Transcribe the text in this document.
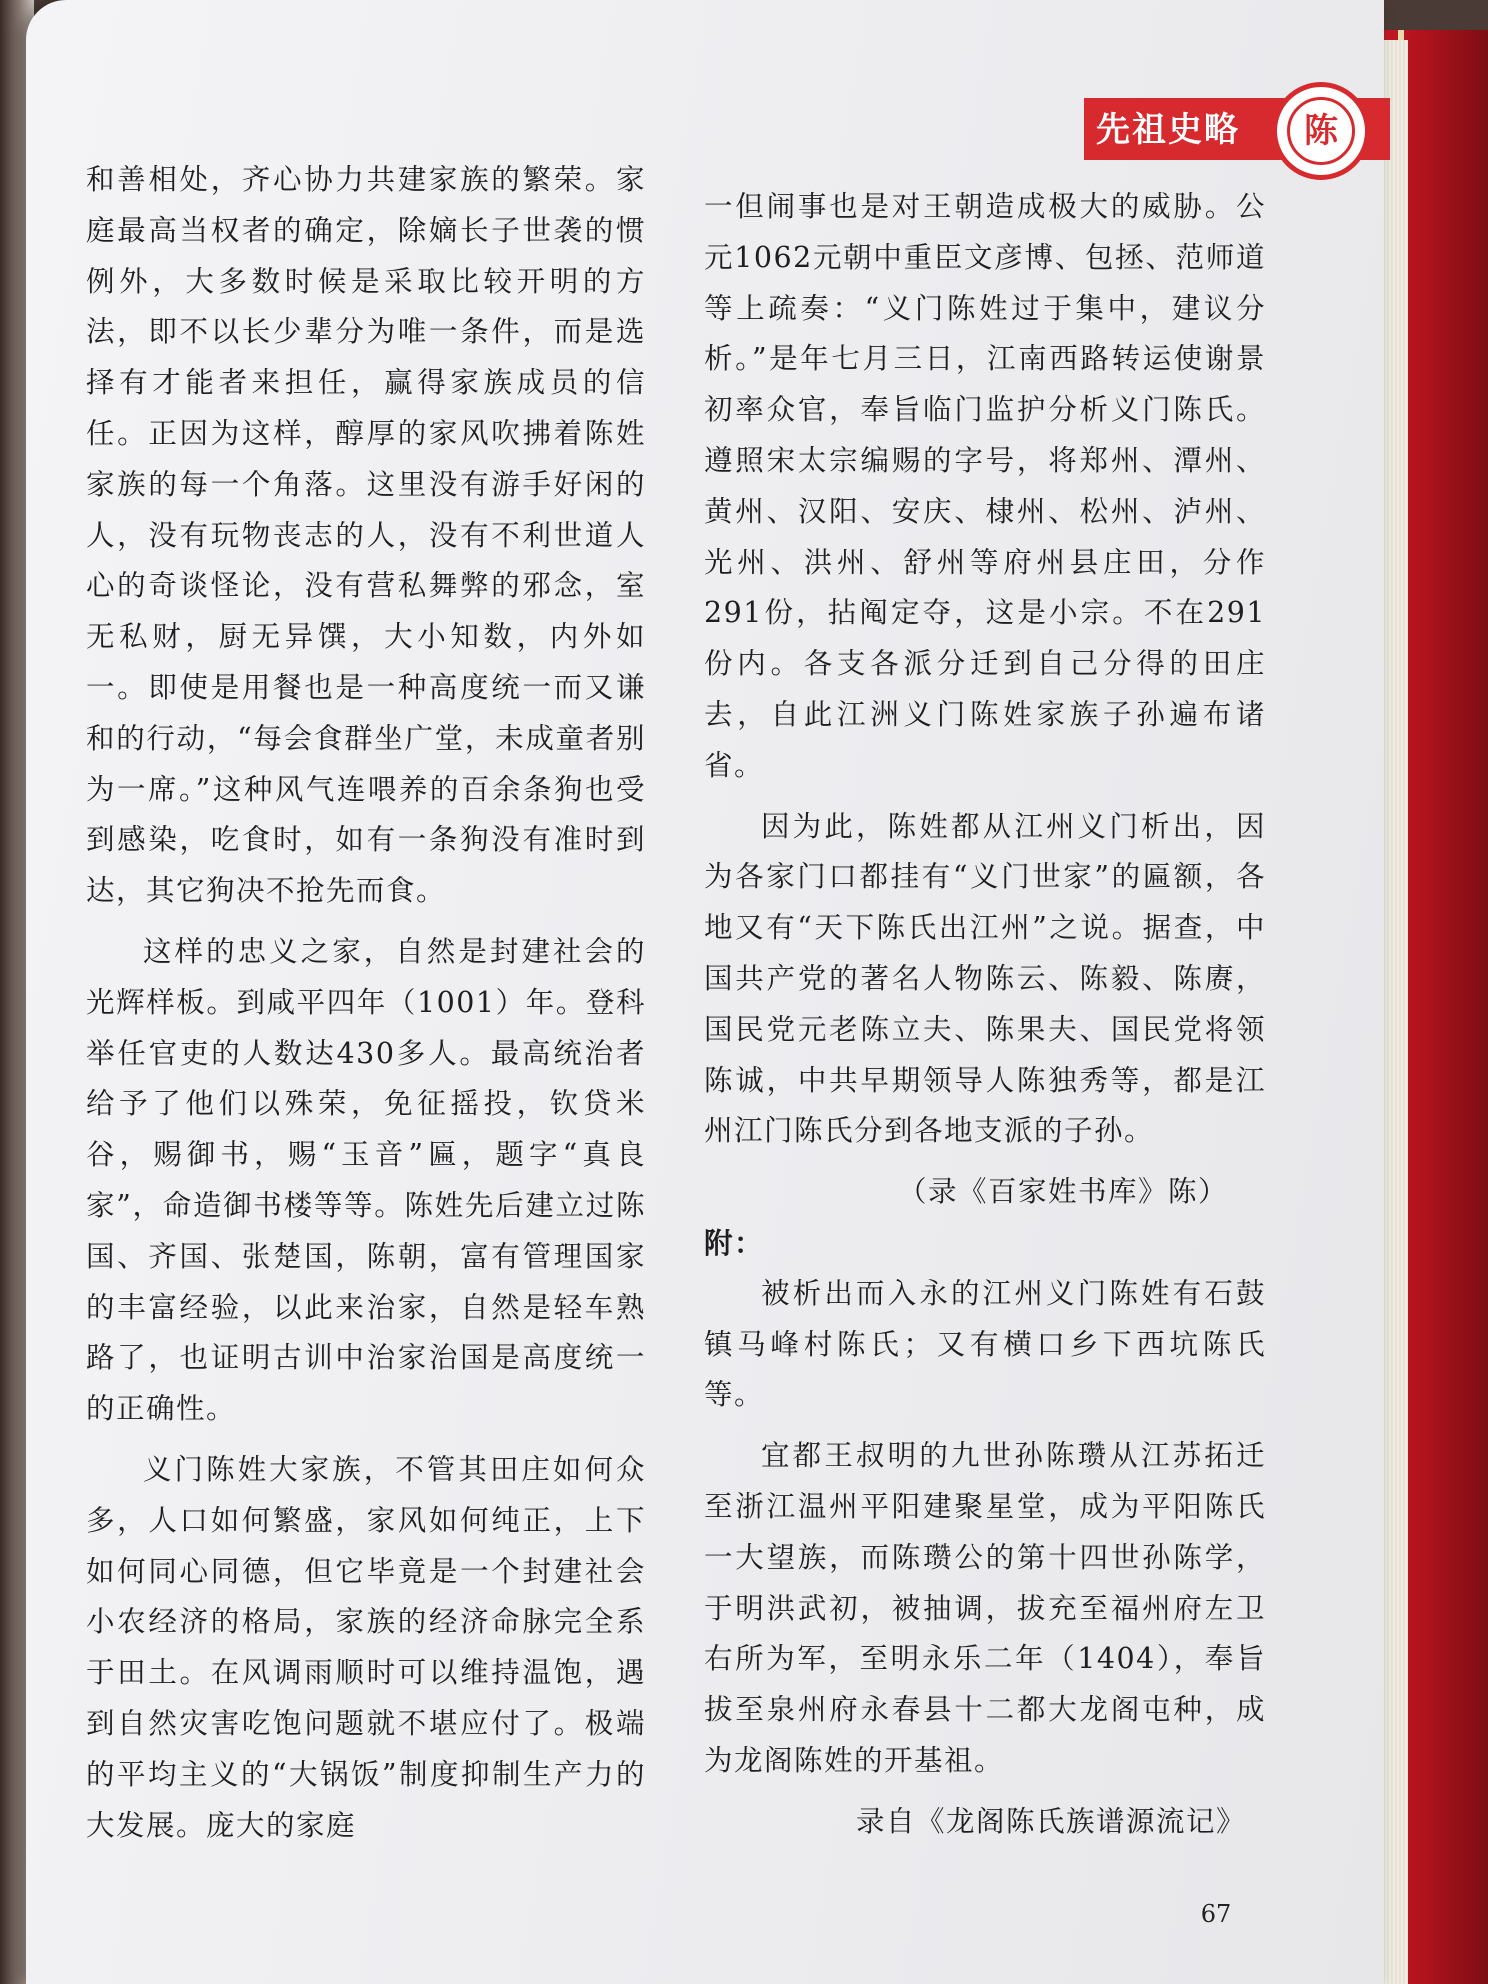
先祖史略	陈

和善相处，齐心协力共建家族的繁荣。家庭最高当权者的确定，除嫡长子世袭的惯例外，大多数时候是采取比较开明的方法，即不以长少辈分为唯一条件，而是选择有才能者来担任，赢得家族成员的信任。正因为这样，醇厚的家风吹拂着陈姓家族的每一个角落。这里没有游手好闲的人，没有玩物丧志的人，没有不利世道人心的奇谈怪论，没有营私舞弊的邪念，室无私财，厨无异馔，大小知数，内外如一。即使是用餐也是一种高度统一而又谦和的行动，“每会食群坐广堂，未成童者别为一席。”这种风气连喂养的百余条狗也受到感染，吃食时，如有一条狗没有准时到达，其它狗决不抢先而食。

这样的忠义之家，自然是封建社会的光辉样板。到咸平四年（1001）年。登科举任官吏的人数达430多人。最高统治者给予了他们以殊荣，免征摇投，钦贷米谷，赐御书，赐“玉音”匾，题字“真良家”，命造御书楼等等。陈姓先后建立过陈国、齐国、张楚国，陈朝，富有管理国家的丰富经验，以此来治家，自然是轻车熟路了，也证明古训中治家治国是高度统一的正确性。

义门陈姓大家族，不管其田庄如何众多，人口如何繁盛，家风如何纯正，上下如何同心同德，但它毕竟是一个封建社会小农经济的格局，家族的经济命脉完全系于田土。在风调雨顺时可以维持温饱，遇到自然灾害吃饱问题就不堪应付了。极端的平均主义的“大锅饭”制度抑制生产力的大发展。庞大的家庭

一但闹事也是对王朝造成极大的威胁。公元1062元朝中重臣文彦博、包拯、范师道等上疏奏：“义门陈姓过于集中，建议分析。”是年七月三日，江南西路转运使谢景初率众官，奉旨临门监护分析义门陈氏。遵照宋太宗编赐的字号，将郑州、潭州、黄州、汉阳、安庆、棣州、松州、泸州、光州、洪州、舒州等府州县庄田，分作291份，拈阄定夺，这是小宗。不在291份内。各支各派分迁到自己分得的田庄去，自此江洲义门陈姓家族子孙遍布诸省。

因为此，陈姓都从江州义门析出，因为各家门口都挂有“义门世家”的匾额，各地又有“天下陈氏出江州”之说。据查，中国共产党的著名人物陈云、陈毅、陈赓，国民党元老陈立夫、陈果夫、国民党将领陈诚，中共早期领导人陈独秀等，都是江州江门陈氏分到各地支派的子孙。

（录《百家姓书库》陈）

附：

被析出而入永的江州义门陈姓有石鼓镇马峰村陈氏；又有横口乡下西坑陈氏等。

宜都王叔明的九世孙陈瓒从江苏拓迁至浙江温州平阳建聚星堂，成为平阳陈氏一大望族，而陈瓒公的第十四世孙陈学，于明洪武初，被抽调，拔充至福州府左卫右所为军，至明永乐二年（1404），奉旨拔至泉州府永春县十二都大龙阁屯种，成为龙阁陈姓的开基祖。

录自《龙阁陈氏族谱源流记》

67
